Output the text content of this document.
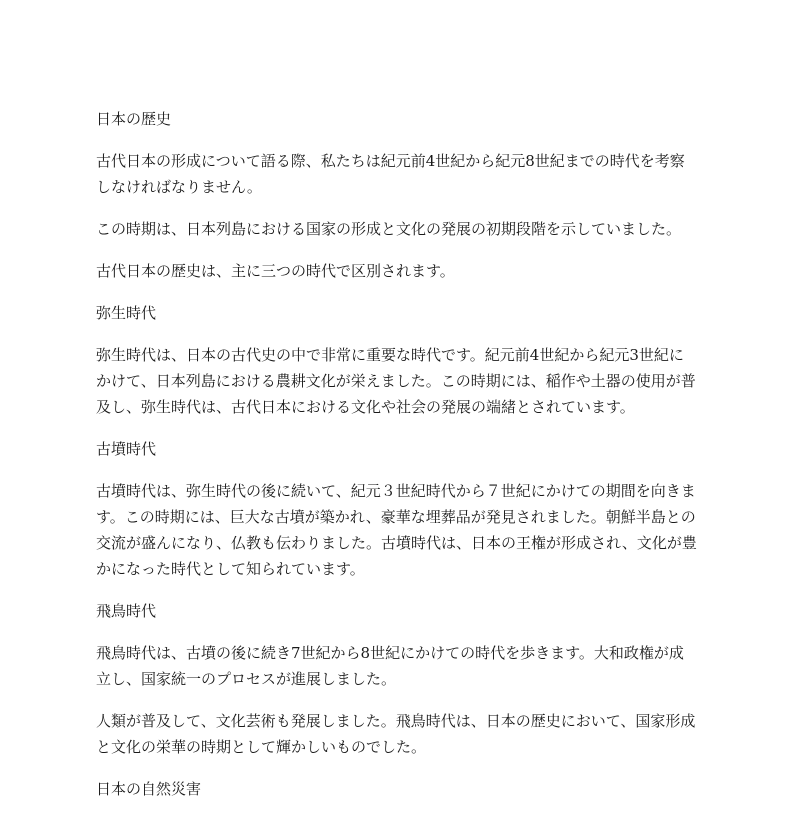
日本の歴史

古代日本の形成について語る際、私たちは紀元前4世紀から紀元8世紀までの時代を考察しなければなりません。

この時期は、日本列島における国家の形成と文化の発展の初期段階を示していました。

古代日本の歴史は、主に三つの時代で区別されます。

弥生時代

弥生時代は、日本の古代史の中で非常に重要な時代です。紀元前4世紀から紀元3世紀にかけて、日本列島における農耕文化が栄えました。この時期には、稲作や土器の使用が普及し、弥生時代は、古代日本における文化や社会の発展の端緒とされています。

古墳時代

古墳時代は、弥生時代の後に続いて、紀元３世紀時代から７世紀にかけての期間を向きます。この時期には、巨大な古墳が築かれ、豪華な埋葬品が発見されました。朝鮮半島との交流が盛んになり、仏教も伝わりました。古墳時代は、日本の王権が形成され、文化が豊かになった時代として知られています。

飛鳥時代

飛鳥時代は、古墳の後に続き7世紀から8世紀にかけての時代を歩きます。大和政権が成立し、国家統一のプロセスが進展しました。

人類が普及して、文化芸術も発展しました。飛鳥時代は、日本の歴史において、国家形成と文化の栄華の時期として輝かしいものでした。

日本の自然災害
